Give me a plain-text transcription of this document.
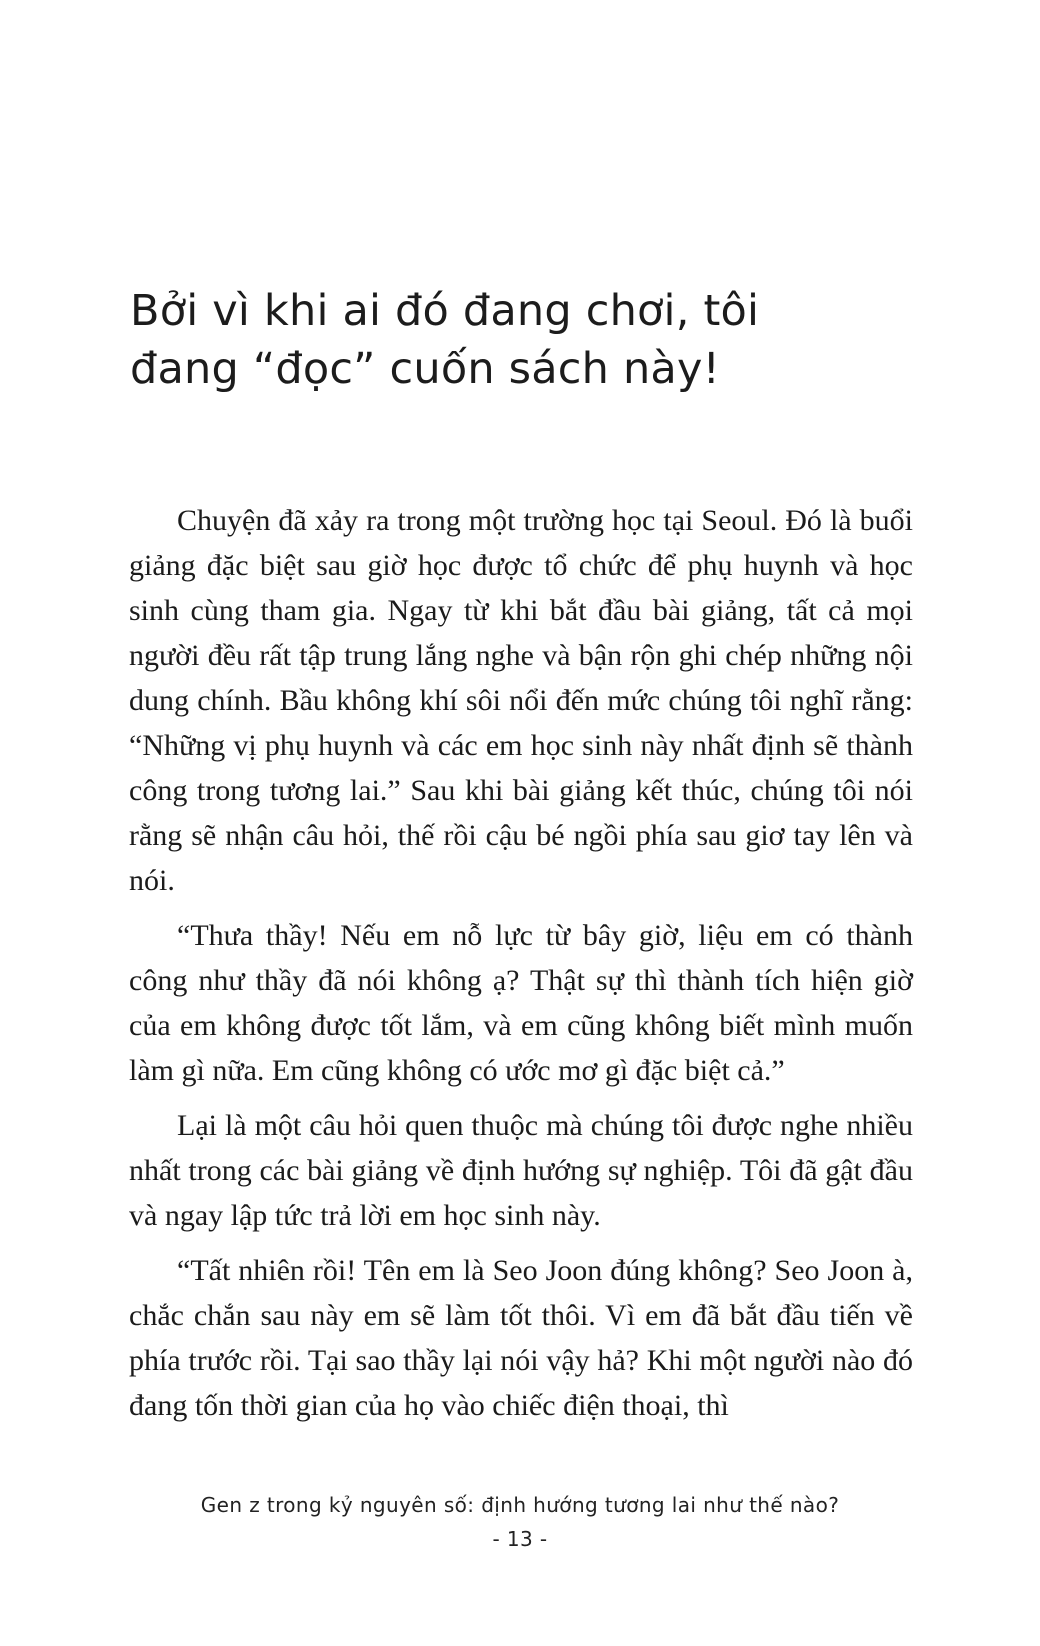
Bởi vì khi ai đó đang chơi, tôi
đang “đọc” cuốn sách này!

Chuyện đã xảy ra trong một trường học tại Seoul. Đó là buổi giảng đặc biệt sau giờ học được tổ chức để phụ huynh và học sinh cùng tham gia. Ngay từ khi bắt đầu bài giảng, tất cả mọi người đều rất tập trung lắng nghe và bận rộn ghi chép những nội dung chính. Bầu không khí sôi nổi đến mức chúng tôi nghĩ rằng: “Những vị phụ huynh và các em học sinh này nhất định sẽ thành công trong tương lai.” Sau khi bài giảng kết thúc, chúng tôi nói rằng sẽ nhận câu hỏi, thế rồi cậu bé ngồi phía sau giơ tay lên và nói.

“Thưa thầy! Nếu em nỗ lực từ bây giờ, liệu em có thành công như thầy đã nói không ạ? Thật sự thì thành tích hiện giờ của em không được tốt lắm, và em cũng không biết mình muốn làm gì nữa. Em cũng không có ước mơ gì đặc biệt cả.”

Lại là một câu hỏi quen thuộc mà chúng tôi được nghe nhiều nhất trong các bài giảng về định hướng sự nghiệp. Tôi đã gật đầu và ngay lập tức trả lời em học sinh này.

“Tất nhiên rồi! Tên em là Seo Joon đúng không? Seo Joon à, chắc chắn sau này em sẽ làm tốt thôi. Vì em đã bắt đầu tiến về phía trước rồi. Tại sao thầy lại nói vậy hả? Khi một người nào đó đang tốn thời gian của họ vào chiếc điện thoại, thì

Gen z trong kỷ nguyên số: định hướng tương lai như thế nào?
- 13 -
